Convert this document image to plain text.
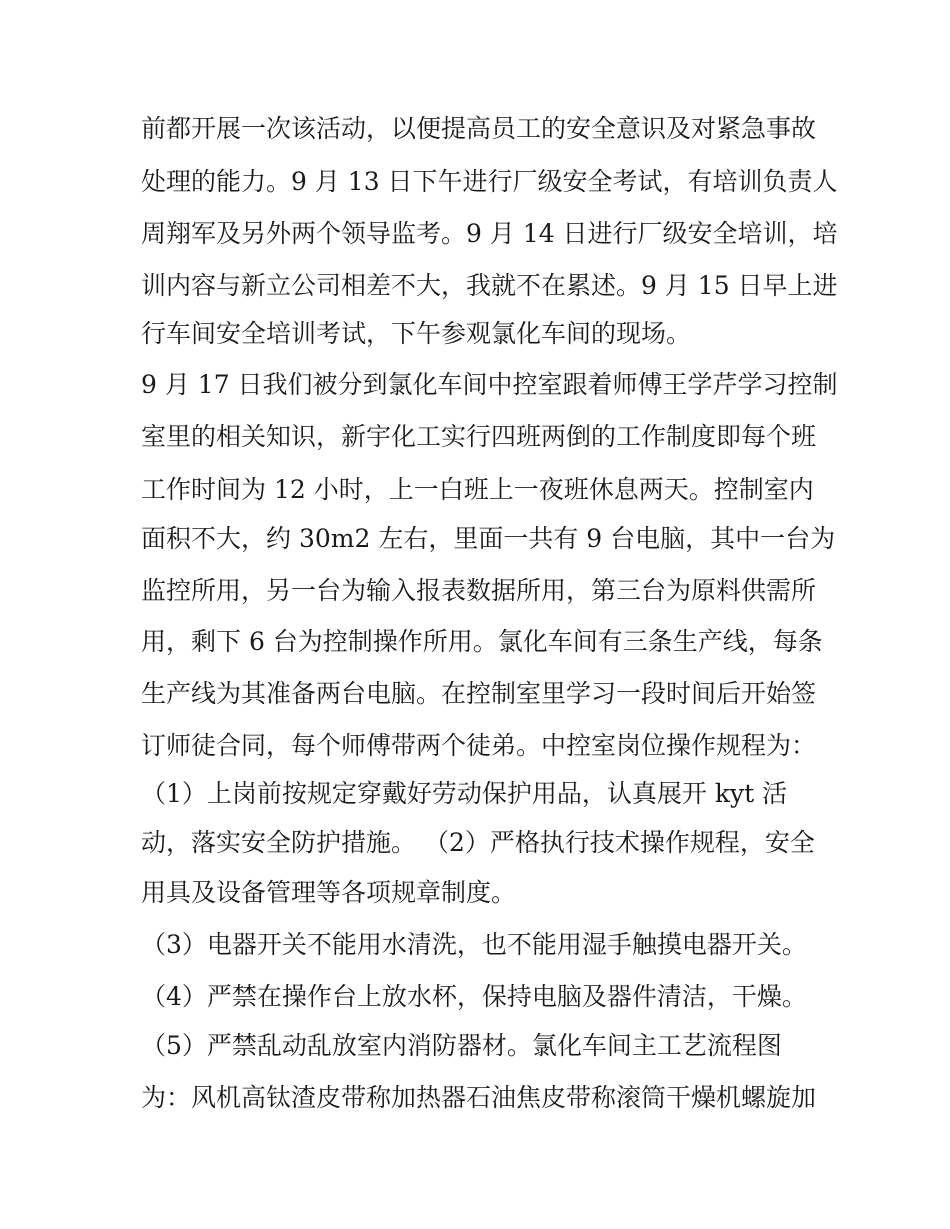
前都开展一次该活动，以便提高员工的安全意识及对紧急事故
处理的能力。9 月 13 日下午进行厂级安全考试，有培训负责人
周翔军及另外两个领导监考。9 月 14 日进行厂级安全培训，培
训内容与新立公司相差不大，我就不在累述。9 月 15 日早上进
行车间安全培训考试，下午参观氯化车间的现场。
9 月 17 日我们被分到氯化车间中控室跟着师傅王学芹学习控制
室里的相关知识，新宇化工实行四班两倒的工作制度即每个班
工作时间为 12 小时，上一白班上一夜班休息两天。控制室内
面积不大，约 30m2 左右，里面一共有 9 台电脑，其中一台为
监控所用，另一台为输入报表数据所用，第三台为原料供需所
用，剩下 6 台为控制操作所用。氯化车间有三条生产线，每条
生产线为其准备两台电脑。在控制室里学习一段时间后开始签
订师徒合同，每个师傅带两个徒弟。中控室岗位操作规程为：
（1）上岗前按规定穿戴好劳动保护用品，认真展开 kyt 活
动，落实安全防护措施。 （2）严格执行技术操作规程，安全
用具及设备管理等各项规章制度。
（3）电器开关不能用水清洗，也不能用湿手触摸电器开关。
（4）严禁在操作台上放水杯，保持电脑及器件清洁，干燥。
（5）严禁乱动乱放室内消防器材。氯化车间主工艺流程图
为：风机高钛渣皮带称加热器石油焦皮带称滚筒干燥机螺旋加
